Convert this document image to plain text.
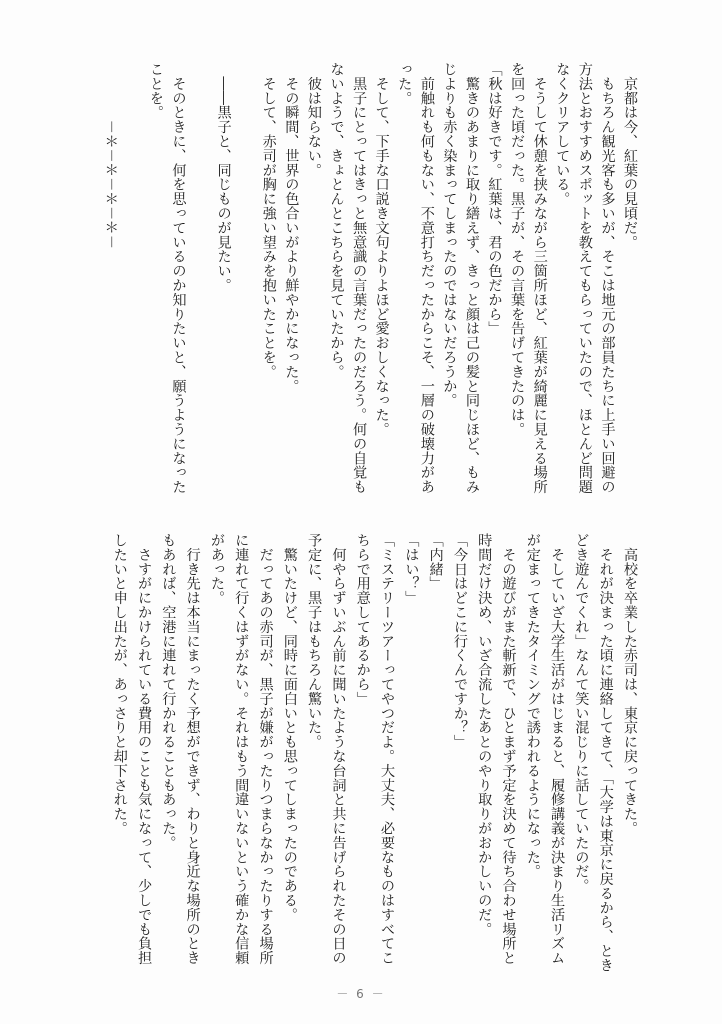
　京都は今、紅葉の見頃だ。
　もちろん観光客も多いが、そこは地元の部員たちに上手い回避の
方法とおすすめスポットを教えてもらっていたので、ほとんど問題
なくクリアしている。
　そうして休憩を挟みながら三箇所ほど、紅葉が綺麗に見える場所
を回った頃だった。黒子が、その言葉を告げてきたのは。
「秋は好きです。紅葉は、君の色だから」
　驚きのあまりに取り繕えず、きっと顔は己の髪と同じほど、もみ
じよりも赤く染まってしまったのではないだろうか。
　前触れも何もない、不意打ちだったからこそ、一層の破壊力があ
った。
　そして、下手な口説き文句よりよほど愛おしくなった。
　黒子にとってはきっと無意識の言葉だったのだろう。何の自覚も
ないようで、きょとんとこちらを見ていたから。
　彼は知らない。
　その瞬間、世界の色合いがより鮮やかになった。
　そして、赤司が胸に強い望みを抱いたことを。
　――黒子と、同じものが見たい。
　そのときに、何を思っているのか知りたいと、願うようになった
ことを。
　　　　－＊－＊－＊－＊－
　高校を卒業した赤司は、東京に戻ってきた。
　それが決まった頃に連絡してきて、「大学は東京に戻るから、とき
どき遊んでくれ」なんて笑い混じりに話していたのだ。
　そしていざ大学生活がはじまると、履修講義が決まり生活リズム
が定まってきたタイミングで誘われるようになった。
　その遊びがまた斬新で、ひとまず予定を決めて待ち合わせ場所と
時間だけ決め、いざ合流したあとのやり取りがおかしいのだ。
「今日はどこに行くんですか？」
「内緒」
「はい？」
「ミステリーツアーってやつだよ。大丈夫、必要なものはすべてこ
ちらで用意してあるから」
　何やらずいぶん前に聞いたような台詞と共に告げられたその日の
予定に、黒子はもちろん驚いた。
　驚いたけど、同時に面白いとも思ってしまったのである。
　だってあの赤司が、黒子が嫌がったりつまらなかったりする場所
に連れて行くはずがない。それはもう間違いないという確かな信頼
があった。
　行き先は本当にまったく予想ができず、わりと身近な場所のとき
もあれば、空港に連れて行かれることもあった。
　さすがにかけられている費用のことも気になって、少しでも負担
したいと申し出たが、あっさりと却下された。
－ 6 －
